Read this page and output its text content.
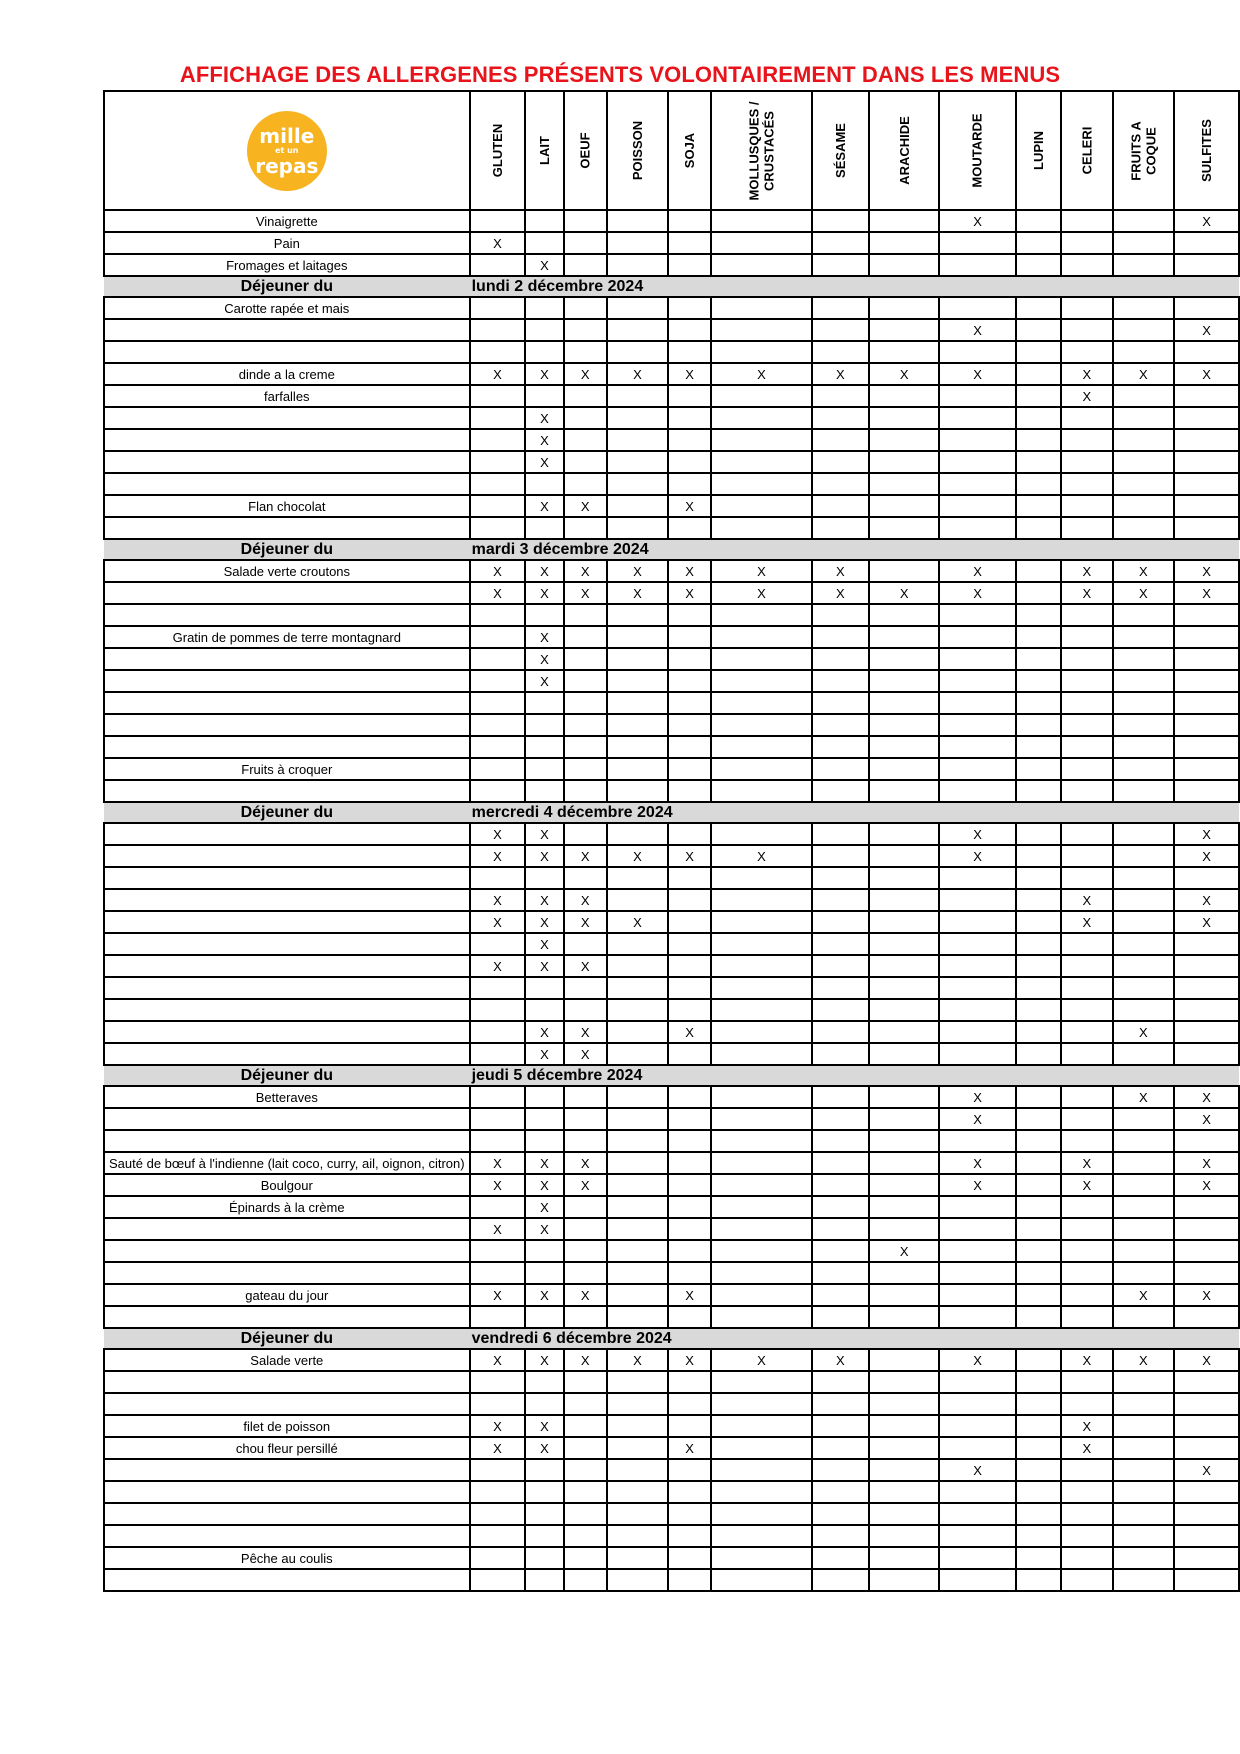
AFFICHAGE DES ALLERGENES PRÉSENTS VOLONTAIREMENT DANS LES MENUS
mille
et un
repas	GLUTEN	LAIT	OEUF	POISSON	SOJA	MOLLUSQUES /
CRUSTACÉS	SÉSAME	ARACHIDE	MOUTARDE	LUPIN	CELERI	FRUITS A
COQUE	SULFITES
Vinaigrette									X				X
Pain	X												
Fromages et laitages		X											
Déjeuner du	lundi 2 décembre 2024												
Carotte rapée et mais													
									X				X

dinde a la creme	X	X	X	X	X	X	X	X	X		X	X	X
farfalles											X		
		X											
		X											
		X											

Flan chocolat		X	X		X								

Déjeuner du	mardi 3 décembre 2024												
Salade verte croutons	X	X	X	X	X	X	X		X		X	X	X
	X	X	X	X	X	X	X	X	X		X	X	X

Gratin de pommes de terre montagnard		X											
		X											
		X											

Fruits à croquer													

Déjeuner du	mercredi 4 décembre 2024												
	X	X							X				X
	X	X	X	X	X	X			X				X

	X	X	X								X		X
	X	X	X	X							X		X
		X											
	X	X	X										

		X	X		X							X	
		X	X										
Déjeuner du	jeudi 5 décembre 2024												
Betteraves									X			X	X
									X				X

Sauté de bœuf à l'indienne (lait coco, curry, ail, oignon, citron)	X	X	X						X		X		X
Boulgour	X	X	X						X		X		X
Épinards à la crème		X											
	X	X											
								X					

gateau du jour	X	X	X		X							X	X

Déjeuner du	vendredi 6 décembre 2024												
Salade verte	X	X	X	X	X	X	X		X		X	X	X

filet de poisson	X	X									X		
chou fleur persillé	X	X			X						X		
									X				X

Pêche au coulis													
